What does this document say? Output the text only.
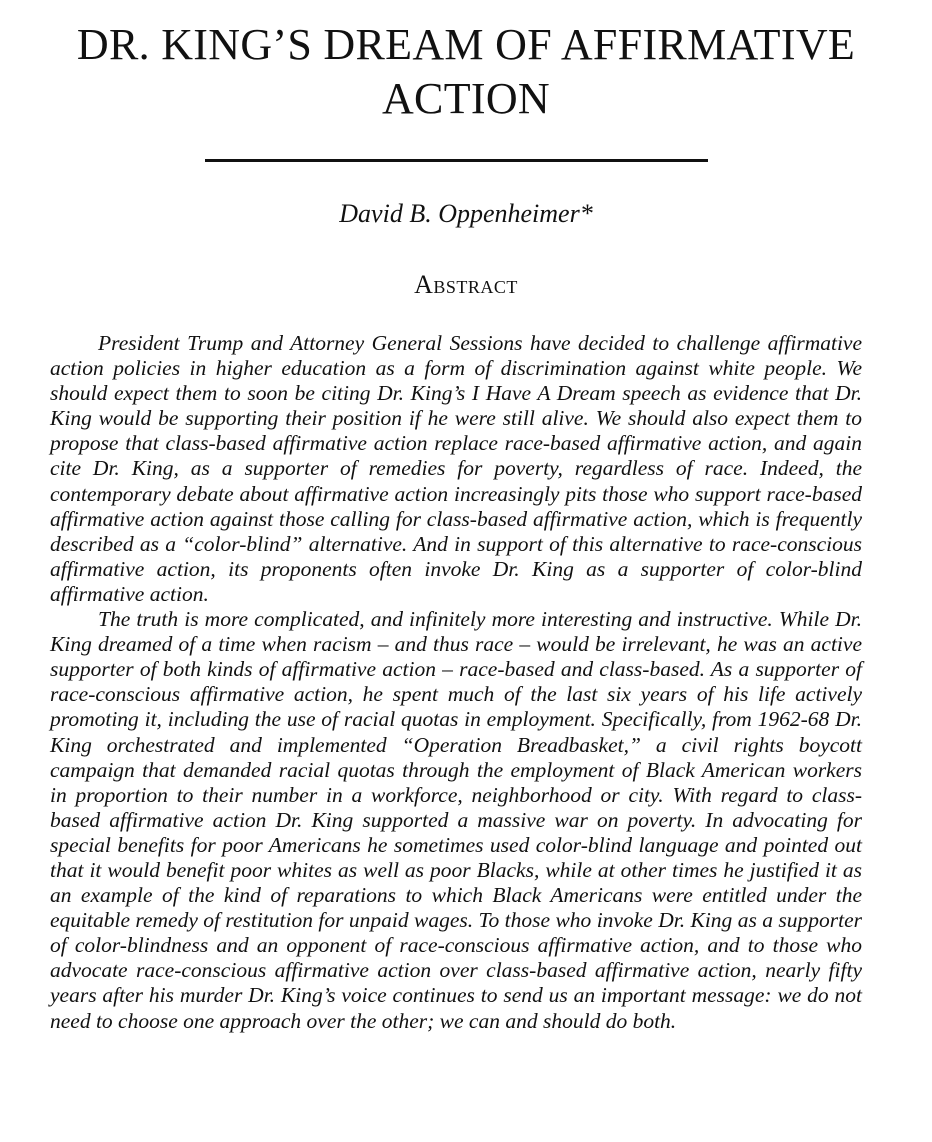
DR. KING’S DREAM OF AFFIRMATIVE ACTION
David B. Oppenheimer*
Abstract

President Trump and Attorney General Sessions have decided to challenge affirmative action policies in higher education as a form of discrimination against white people. We should expect them to soon be citing Dr. King’s I Have A Dream speech as evidence that Dr. King would be supporting their position if he were still alive. We should also expect them to propose that class-based affirmative action replace race-based affirmative action, and again cite Dr. King, as a supporter of remedies for poverty, regardless of race. Indeed, the contemporary debate about affirmative action increasingly pits those who support race-based affirmative action against those calling for class-based affirmative action, which is frequently described as a “color-blind” alternative. And in support of this alternative to race-conscious affirmative action, its proponents often invoke Dr. King as a supporter of color-blind affirmative action.

The truth is more complicated, and infinitely more interesting and instructive. While Dr. King dreamed of a time when racism – and thus race – would be irrelevant, he was an active supporter of both kinds of affirmative action – race-based and class-based. As a supporter of race-conscious affirmative action, he spent much of the last six years of his life actively promoting it, including the use of racial quotas in employment. Specifically, from 1962-68 Dr. King orchestrated and implemented “Operation Breadbasket,” a civil rights boycott campaign that demanded racial quotas through the employment of Black American workers in proportion to their number in a workforce, neighborhood or city. With regard to class-based affirmative action Dr. King supported a massive war on poverty. In advocating for special benefits for poor Americans he sometimes used color-blind language and pointed out that it would benefit poor whites as well as poor Blacks, while at other times he justified it as an example of the kind of reparations to which Black Americans were entitled under the equitable remedy of restitution for unpaid wages. To those who invoke Dr. King as a supporter of color-blindness and an opponent of race-conscious affirmative action, and to those who advocate race-conscious affirmative action over class-based affirmative action, nearly fifty years after his murder Dr. King’s voice continues to send us an important message: we do not need to choose one approach over the other; we can and should do both.
